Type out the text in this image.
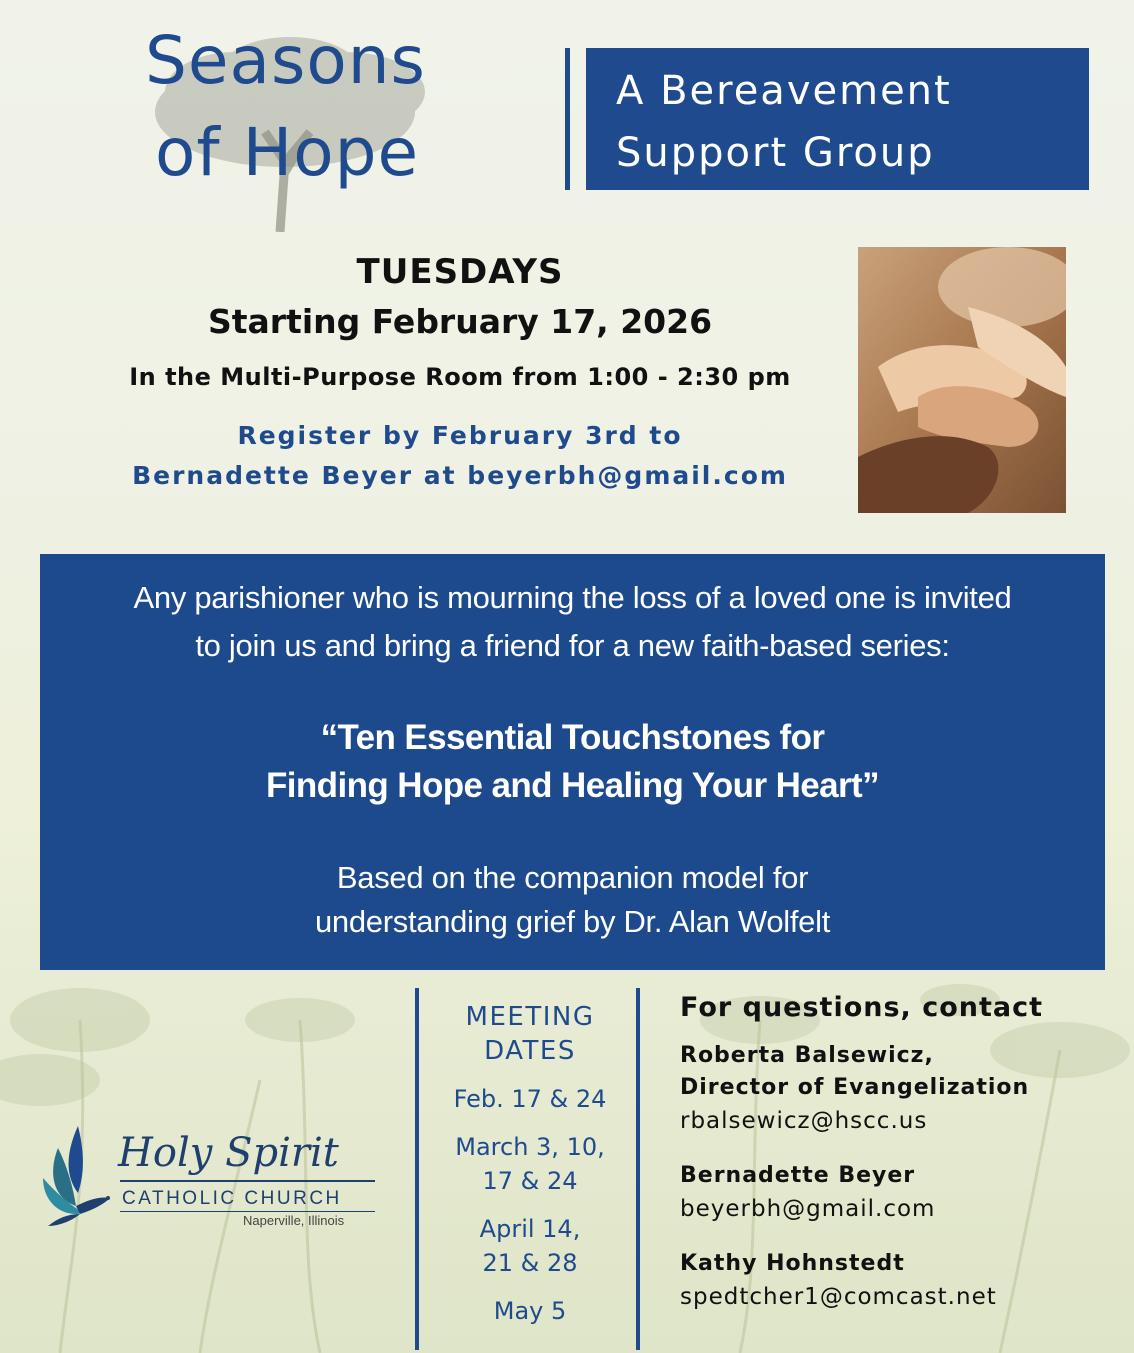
Seasons
of Hope
A Bereavement
Support Group
TUESDAYS
Starting February 17, 2026
In the Multi-Purpose Room from 1:00 - 2:30 pm
Register by February 3rd to
Bernadette Beyer at beyerbh@gmail.com
Any parishioner who is mourning the loss of a loved one is invited
to join us and bring a friend for a new faith-based series:
“Ten Essential Touchstones for
Finding Hope and Healing Your Heart”
Based on the companion model for
understanding grief by Dr. Alan Wolfelt
Holy Spirit
CATHOLIC CHURCH
Naperville, Illinois
MEETING
DATES
Feb. 17 & 24
March 3, 10,
17 & 24
April 14,
21 & 28
May 5
For questions, contact
Roberta Balsewicz,
Director of Evangelization
rbalsewicz@hscc.us
Bernadette Beyer
beyerbh@gmail.com
Kathy Hohnstedt
spedtcher1@comcast.net
